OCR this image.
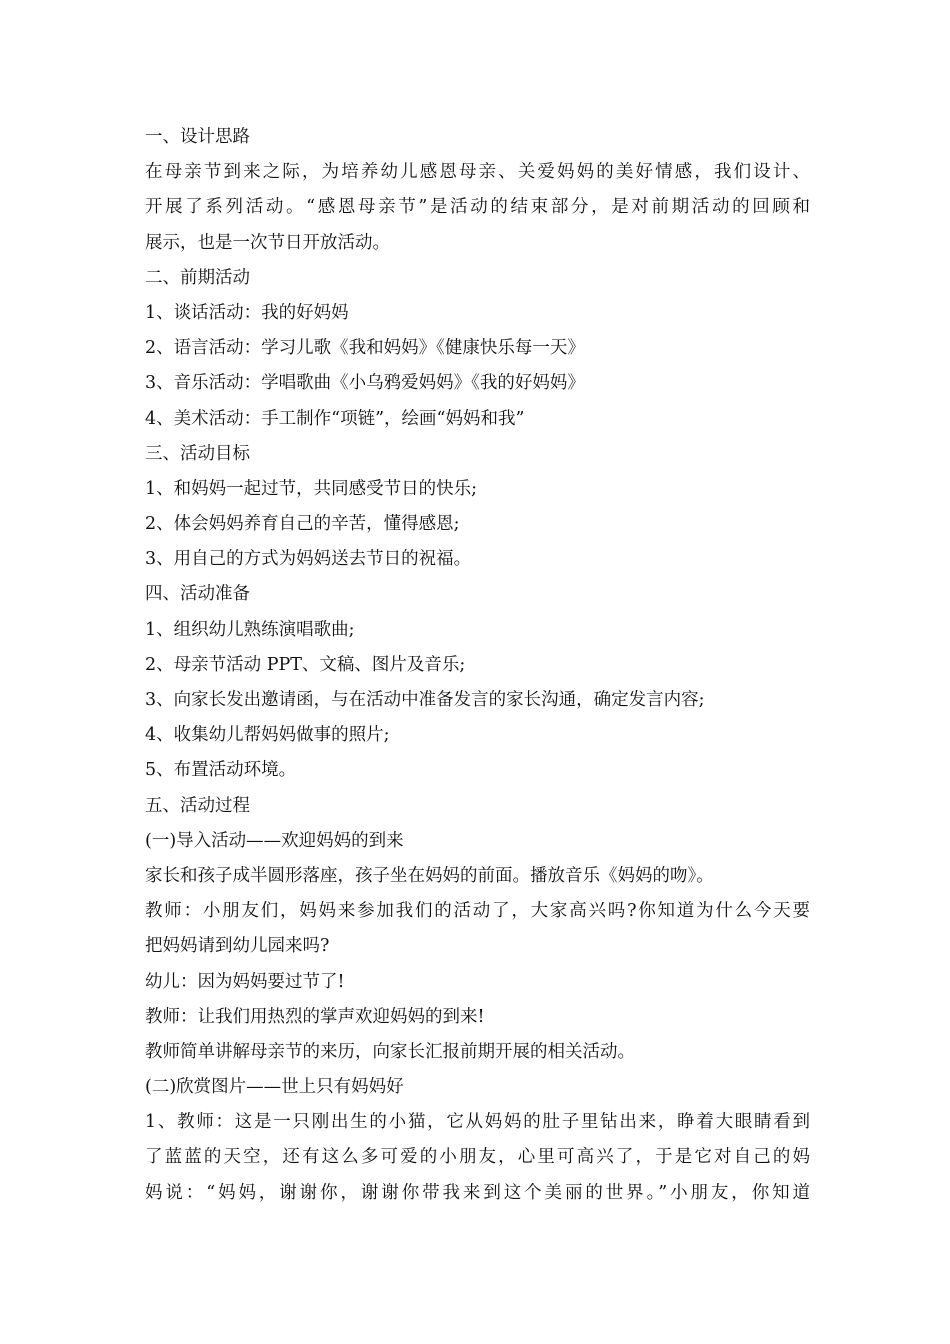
一、设计思路
在母亲节到来之际，为培养幼儿感恩母亲、关爱妈妈的美好情感，我们设计、
开展了系列活动。“感恩母亲节”是活动的结束部分，是对前期活动的回顾和
展示，也是一次节日开放活动。
二、前期活动
1、谈话活动：我的好妈妈
2、语言活动：学习儿歌《我和妈妈》《健康快乐每一天》
3、音乐活动：学唱歌曲《小乌鸦爱妈妈》《我的好妈妈》
4、美术活动：手工制作“项链”，绘画“妈妈和我”
三、活动目标
1、和妈妈一起过节，共同感受节日的快乐;
2、体会妈妈养育自己的辛苦，懂得感恩;
3、用自己的方式为妈妈送去节日的祝福。
四、活动准备
1、组织幼儿熟练演唱歌曲;
2、母亲节活动 PPT、文稿、图片及音乐;
3、向家长发出邀请函，与在活动中准备发言的家长沟通，确定发言内容;
4、收集幼儿帮妈妈做事的照片;
5、布置活动环境。
五、活动过程
(一)导入活动——欢迎妈妈的到来
家长和孩子成半圆形落座，孩子坐在妈妈的前面。播放音乐《妈妈的吻》。
教师：小朋友们，妈妈来参加我们的活动了，大家高兴吗?你知道为什么今天要
把妈妈请到幼儿园来吗?
幼儿：因为妈妈要过节了!
教师：让我们用热烈的掌声欢迎妈妈的到来!
教师简单讲解母亲节的来历，向家长汇报前期开展的相关活动。
(二)欣赏图片——世上只有妈妈好
1、教师：这是一只刚出生的小猫，它从妈妈的肚子里钻出来，睁着大眼睛看到
了蓝蓝的天空，还有这么多可爱的小朋友，心里可高兴了，于是它对自己的妈
妈说：“妈妈，谢谢你，谢谢你带我来到这个美丽的世界。”小朋友，你知道
